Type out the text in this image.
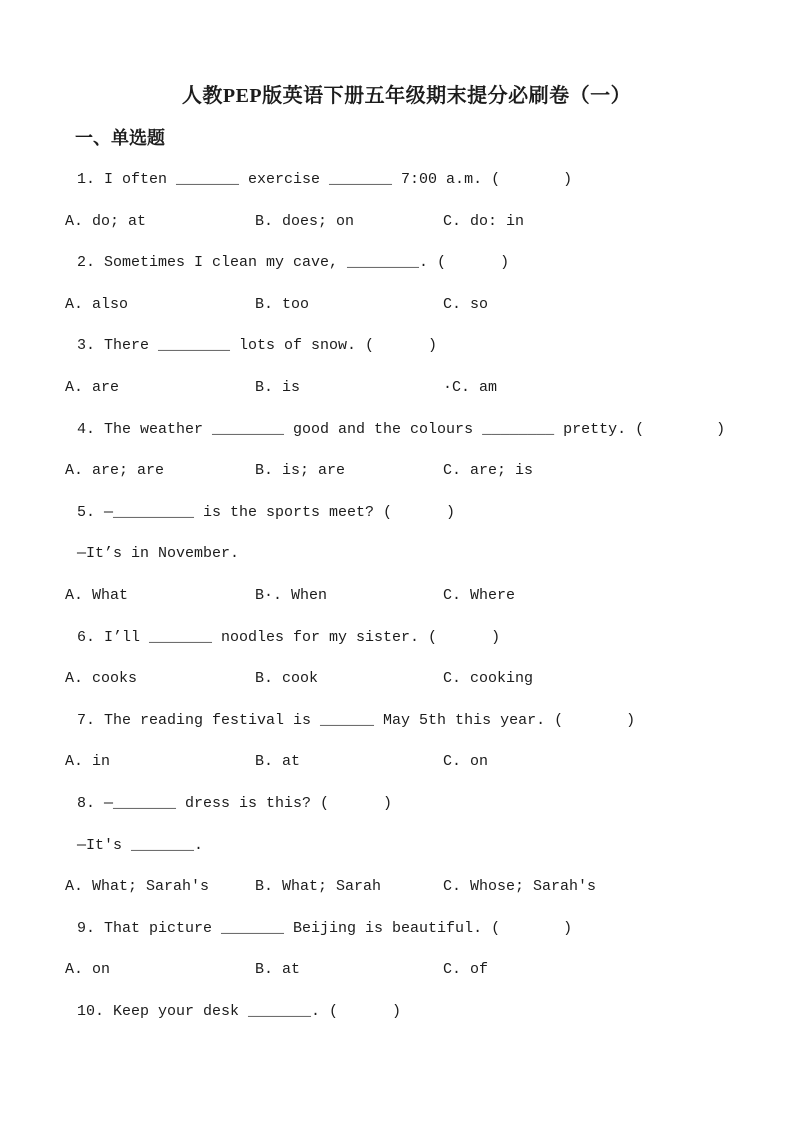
人教PEP版英语下册五年级期末提分必刷卷（一）
一、单选题
1. I often _______ exercise _______ 7:00 a.m. (       )
A. do; at	B. does; on	C. do: in
2. Sometimes I clean my cave, ________. (      )
A. also	B. too	C. so
3. There ________ lots of snow. (      )
A. are	B. is	·C. am
4. The weather ________ good and the colours ________ pretty. (        )
A. are; are	B. is; are	C. are; is
5. —_________ is the sports meet? (      )
—It’s in November.
A. What	B·. When	C. Where
6. I’ll _______ noodles for my sister. (      )
A. cooks	B. cook	C. cooking
7. The reading festival is ______ May 5th this year. (       )
A. in	B. at	C. on
8. —_______ dress is this? (      )
—It's _______.
A. What; Sarah's	B. What; Sarah	C. Whose; Sarah's
9. That picture _______ Beijing is beautiful. (       )
A. on	B. at	C. of
10. Keep your desk _______. (      )
